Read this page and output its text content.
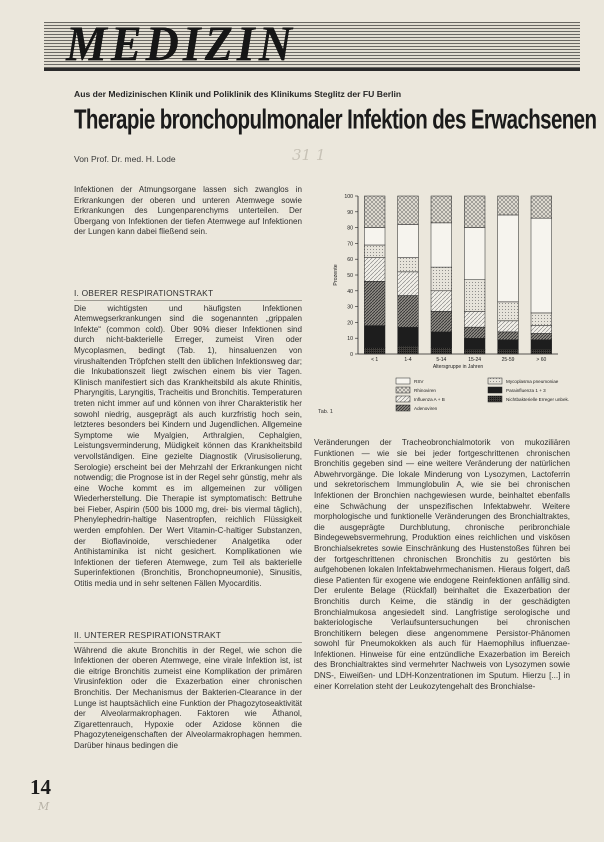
MEDIZIN
Aus der Medizinischen Klinik und Poliklinik des Klinikums Steglitz der FU Berlin
Therapie bronchopulmonaler Infektion des Erwachsenen
Von Prof. Dr. med. H. Lode	31 1

Infektionen der Atmungsorgane lassen sich zwanglos in Erkrankungen der oberen und unteren Atemwege sowie Erkrankungen des Lungenparenchyms unterteilen. Der Übergang von Infektionen der tiefen Atemwege auf Infektionen der Lungen kann dabei fließend sein.

I. OBERER RESPIRATIONSTRAKT

Die wichtigsten und häufigsten Infektionen Atemwegserkrankungen sind die sogenannten „grippalen Infekte“ (common cold). Über 90% dieser Infektionen sind durch nicht-bakterielle Erreger, zumeist Viren oder Mycoplasmen, bedingt (Tab. 1), hinsaluenzen von virushaltenden Tröpfchen stellt den üblichen Infektionsweg dar; die Inkubationszeit liegt zwischen einem bis vier Tagen. Klinisch manifestiert sich das Krankheitsbild als akute Rhinitis, Pharyngitis, Laryngitis, Tracheitis und Bronchitis. Temperaturen treten nicht immer auf und können von ihrer Charakteristik her sowohl niedrig, ausgeprägt als auch kurzfristig hoch sein, letzteres besonders bei Kindern und Jugendlichen. Allgemeine Symptome wie Myalgien, Arthralgien, Cephalgien, Leistungsverminderung, Müdigkeit können das Krankheitsbild vervollständigen. Eine gezielte Diagnostik (Virusisolierung, Serologie) erscheint bei der Mehrzahl der Erkrankungen nicht notwendig; die Prognose ist in der Regel sehr günstig, mehr als eine Woche kommt es im allgemeinen zur völligen Wiederherstellung. Die Therapie ist symptomatisch: Bettruhe bei Fieber, Aspirin (500 bis 1000 mg, drei- bis viermal täglich), Phenylephedrin-haltige Nasentropfen, reichlich Flüssigkeit werden empfohlen. Der Wert Vitamin-C-haltiger Substanzen, der Bioflavinoide, verschiedener Analgetika oder Antihistaminika ist nicht gesichert. Komplikationen wie Infektionen der tieferen Atemwege, zum Teil als bakterielle Superinfektionen (Bronchitis, Bronchopneumonie), Sinusitis, Otitis media und in sehr seltenen Fällen Myocarditis.

II. UNTERER RESPIRATIONSTRAKT

Während die akute Bronchitis in der Regel, wie schon die Infektionen der oberen Atemwege, eine virale Infektion ist, ist die eitrige Bronchitis zumeist eine Komplikation der primären Virusinfektion oder die Exazerbation einer chronischen Bronchitis. Der Mechanismus der Bakterien-Clearance in der Lunge ist hauptsächlich eine Funktion der Phagozytoseaktivität der Alveolarmakrophagen. Faktoren wie Äthanol, Zigarettenrauch, Hypoxie oder Azidose können die Phagozyteneigenschaften der Alveolarmakrophagen hemmen. Darüber hinaus bedingen die

0
10
20
30
40
50
60
70
80
90
100
Prozente
< 1	1-4	5-14	15-24	25-59	> 60
Altersgruppe in Jahren
RSV
Rhinoviren
Influenza A + B
Adenoviren
Mycoplasma pneumoniae
Parainfluenza 1 + 3
Nichtbakterielle Erreger unbek.
Tab. 1

Veränderungen der Tracheobronchialmotorik von mukoziliären Funktionen — wie sie bei jeder fortgeschrittenen chronischen Bronchitis gegeben sind — eine weitere Veränderung der natürlichen Abwehrvorgänge. Die lokale Minderung von Lysozymen, Lactoferrin und sekretorischem Immunglobulin A, wie sie bei chronischen Infektionen der Bronchien nachgewiesen wurde, beinhaltet ebenfalls eine Schwächung der unspezifischen Infektabwehr. Weitere morphologische und funktionelle Veränderungen des Bronchialtraktes, die ausgeprägte Durchblutung, chronische peribronchiale Bindegewebsvermehrung, Produktion eines reichlichen und viskösen Bronchialsekretes sowie Einschränkung des Hustenstoßes führen bei der fortgeschrittenen chronischen Bronchitis zu gestörten bis aufgehobenen lokalen Infektabwehrmechanismen. Hieraus folgert, daß diese Patienten für exogene wie endogene Reinfektionen anfällig sind. Der erulente Belage (Rückfall) beinhaltet die Exazerbation der Bronchitis durch Keime, die ständig in der geschädigten Bronchialmukosa angesiedelt sind. Langfristige serologische und bakteriologische Verlaufsuntersuchungen bei chronischen Bronchitikern belegen diese angenommene Persistor-Phänomen sowohl für Pneumokokken als auch für Haemophilus influenzae-Infektionen. Hinweise für eine entzündliche Exazerbation im Bereich des Bronchialtraktes sind vermehrter Nachweis von Lysozymen sowie DNS-, Eiweißen- und LDH-Konzentrationen im Sputum. Hierzu [...] in einer Korrelation steht der Leukozytengehalt des Bronchialse-

14
M
